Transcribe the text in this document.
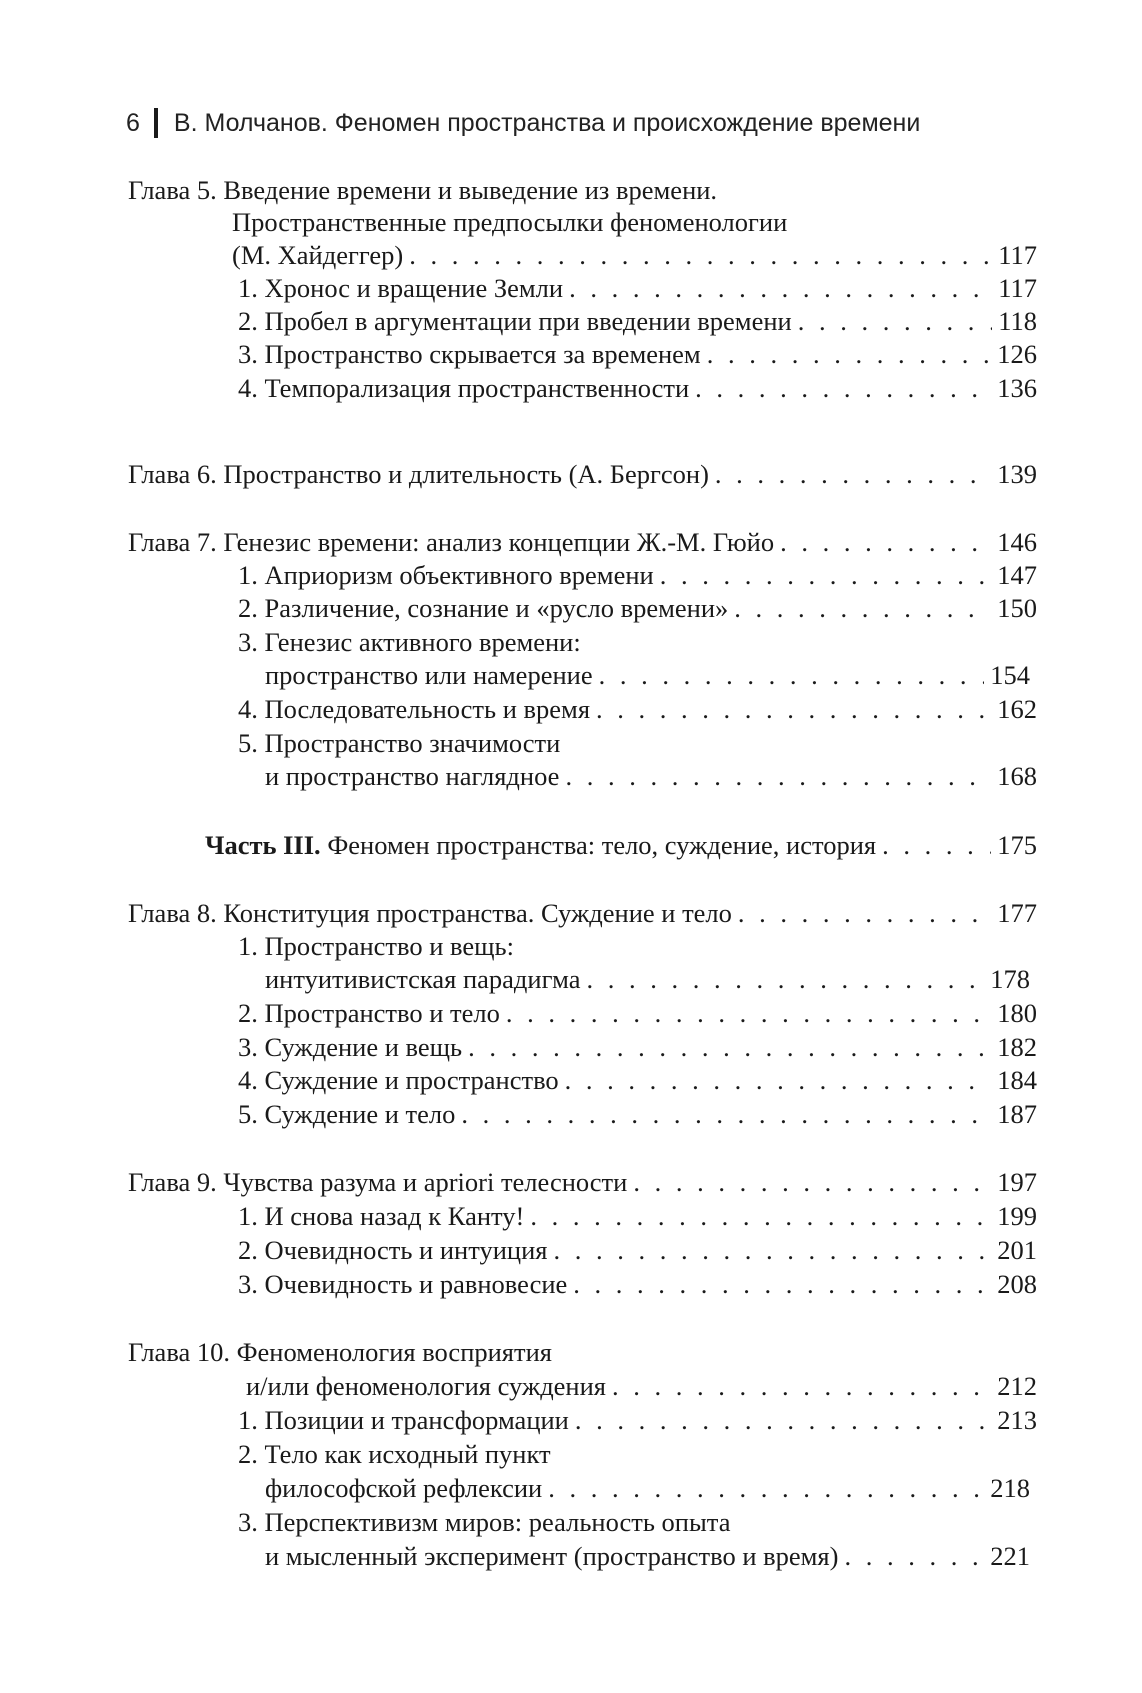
6 В. Молчанов. Феномен пространства и происхождение времени
Глава 5. Введение времени и выведение из времени.
Пространственные предпосылки феноменологии
(М. Хайдеггер) . . .	117
1. Хронос и вращение Земли . . .	117
2. Пробел в аргументации при введении времени . . .	118
3. Пространство скрывается за временем . . .	126
4. Темпорализация пространственности . . .	136
Глава 6. Пространство и длительность (А. Бергсон) . . .	139
Глава 7. Генезис времени: анализ концепции Ж.-М. Гюйо . . .	146
1. Априоризм объективного времени . . .	147
2. Различение, сознание и «русло времени» . . .	150
3. Генезис активного времени:
пространство или намерение . . .	154
4. Последовательность и время . . .	162
5. Пространство значимости
и пространство наглядное . . .	168
Часть III. Феномен пространства: тело, суждение, история . . .	175
Глава 8. Конституция пространства. Суждение и тело . . .	177
1. Пространство и вещь:
интуитивистская парадигма . . .	178
2. Пространство и тело . . .	180
3. Суждение и вещь . . .	182
4. Суждение и пространство . . .	184
5. Суждение и тело . . .	187
Глава 9. Чувства разума и apriori телесности . . .	197
1. И снова назад к Канту! . . .	199
2. Очевидность и интуиция . . .	201
3. Очевидность и равновесие . . .	208
Глава 10. Феноменология восприятия
и/или феноменология суждения . . .	212
1. Позиции и трансформации . . .	213
2. Тело как исходный пункт
философской рефлексии . . .	218
3. Перспективизм миров: реальность опыта
и мысленный эксперимент (пространство и время) . . .	221
